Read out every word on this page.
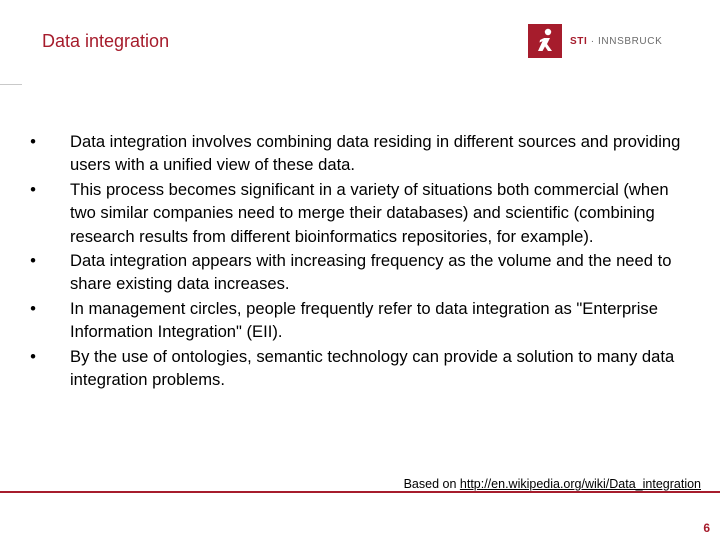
Data integration	STI · INNSBRUCK
• Data integration involves combining data residing in different sources and providing users with a unified view of these data.
• This process becomes significant in a variety of situations both commercial (when two similar companies need to merge their databases) and scientific (combining research results from different bioinformatics repositories, for example).
• Data integration appears with increasing frequency as the volume and the need to share existing data increases.
• In management circles, people frequently refer to data integration as "Enterprise Information Integration" (EII).
• By the use of ontologies, semantic technology can provide a solution to many data integration problems.
Based on http://en.wikipedia.org/wiki/Data_integration
6
